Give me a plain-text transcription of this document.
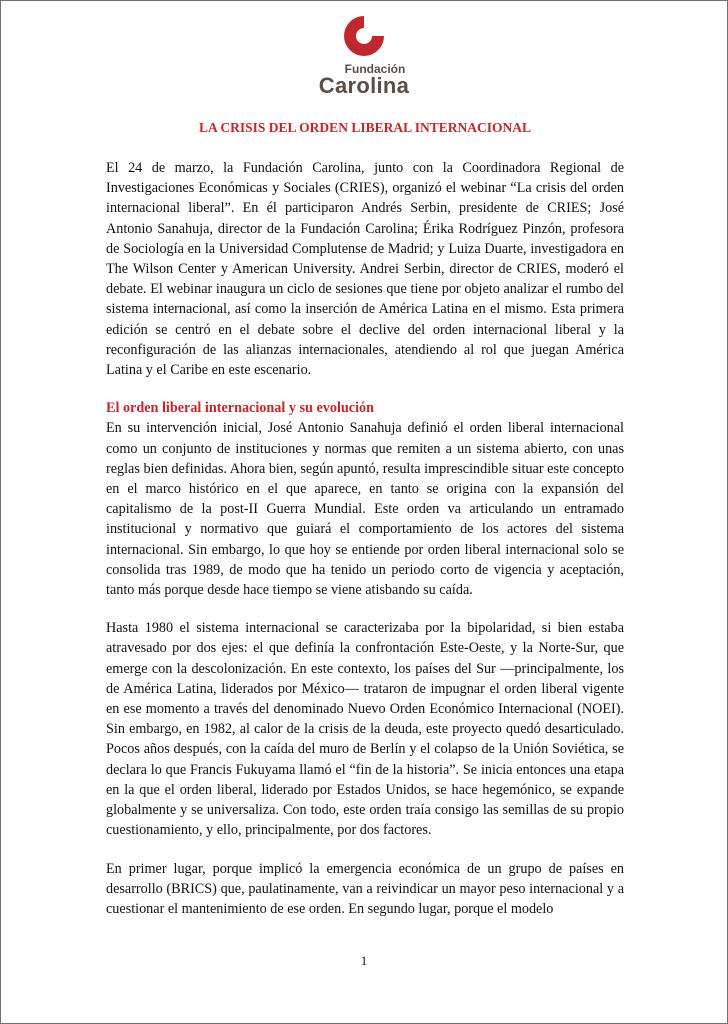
Fundación
Carolina
LA CRISIS DEL ORDEN LIBERAL INTERNACIONAL

El 24 de marzo, la Fundación Carolina, junto con la Coordinadora Regional de Investigaciones Económicas y Sociales (CRIES), organizó el webinar “La crisis del orden internacional liberal”. En él participaron Andrés Serbin, presidente de CRIES; José Antonio Sanahuja, director de la Fundación Carolina; Érika Rodríguez Pinzón, profesora de Sociología en la Universidad Complutense de Madrid; y Luiza Duarte, investigadora en The Wilson Center y American University. Andrei Serbin, director de CRIES, moderó el debate. El webinar inaugura un ciclo de sesiones que tiene por objeto analizar el rumbo del sistema internacional, así como la inserción de América Latina en el mismo. Esta primera edición se centró en el debate sobre el declive del orden internacional liberal y la reconfiguración de las alianzas internacionales, atendiendo al rol que juegan América Latina y el Caribe en este escenario.

El orden liberal internacional y su evolución

En su intervención inicial, José Antonio Sanahuja definió el orden liberal internacional como un conjunto de instituciones y normas que remiten a un sistema abierto, con unas reglas bien definidas. Ahora bien, según apuntó, resulta imprescindible situar este concepto en el marco histórico en el que aparece, en tanto se origina con la expansión del capitalismo de la post-II Guerra Mundial. Este orden va articulando un entramado institucional y normativo que guiará el comportamiento de los actores del sistema internacional. Sin embargo, lo que hoy se entiende por orden liberal internacional solo se consolida tras 1989, de modo que ha tenido un periodo corto de vigencia y aceptación, tanto más porque desde hace tiempo se viene atisbando su caída.

Hasta 1980 el sistema internacional se caracterizaba por la bipolaridad, si bien estaba atravesado por dos ejes: el que definía la confrontación Este-Oeste, y la Norte-Sur, que emerge con la descolonización. En este contexto, los países del Sur —principalmente, los de América Latina, liderados por México— trataron de impugnar el orden liberal vigente en ese momento a través del denominado Nuevo Orden Económico Internacional (NOEI). Sin embargo, en 1982, al calor de la crisis de la deuda, este proyecto quedó desarticulado. Pocos años después, con la caída del muro de Berlín y el colapso de la Unión Soviética, se declara lo que Francis Fukuyama llamó el “fin de la historia”. Se inicia entonces una etapa en la que el orden liberal, liderado por Estados Unidos, se hace hegemónico, se expande globalmente y se universaliza. Con todo, este orden traía consigo las semillas de su propio cuestionamiento, y ello, principalmente, por dos factores.

En primer lugar, porque implicó la emergencia económica de un grupo de países en desarrollo (BRICS) que, paulatinamente, van a reivindicar un mayor peso internacional y a cuestionar el mantenimiento de ese orden. En segundo lugar, porque el modelo

1
